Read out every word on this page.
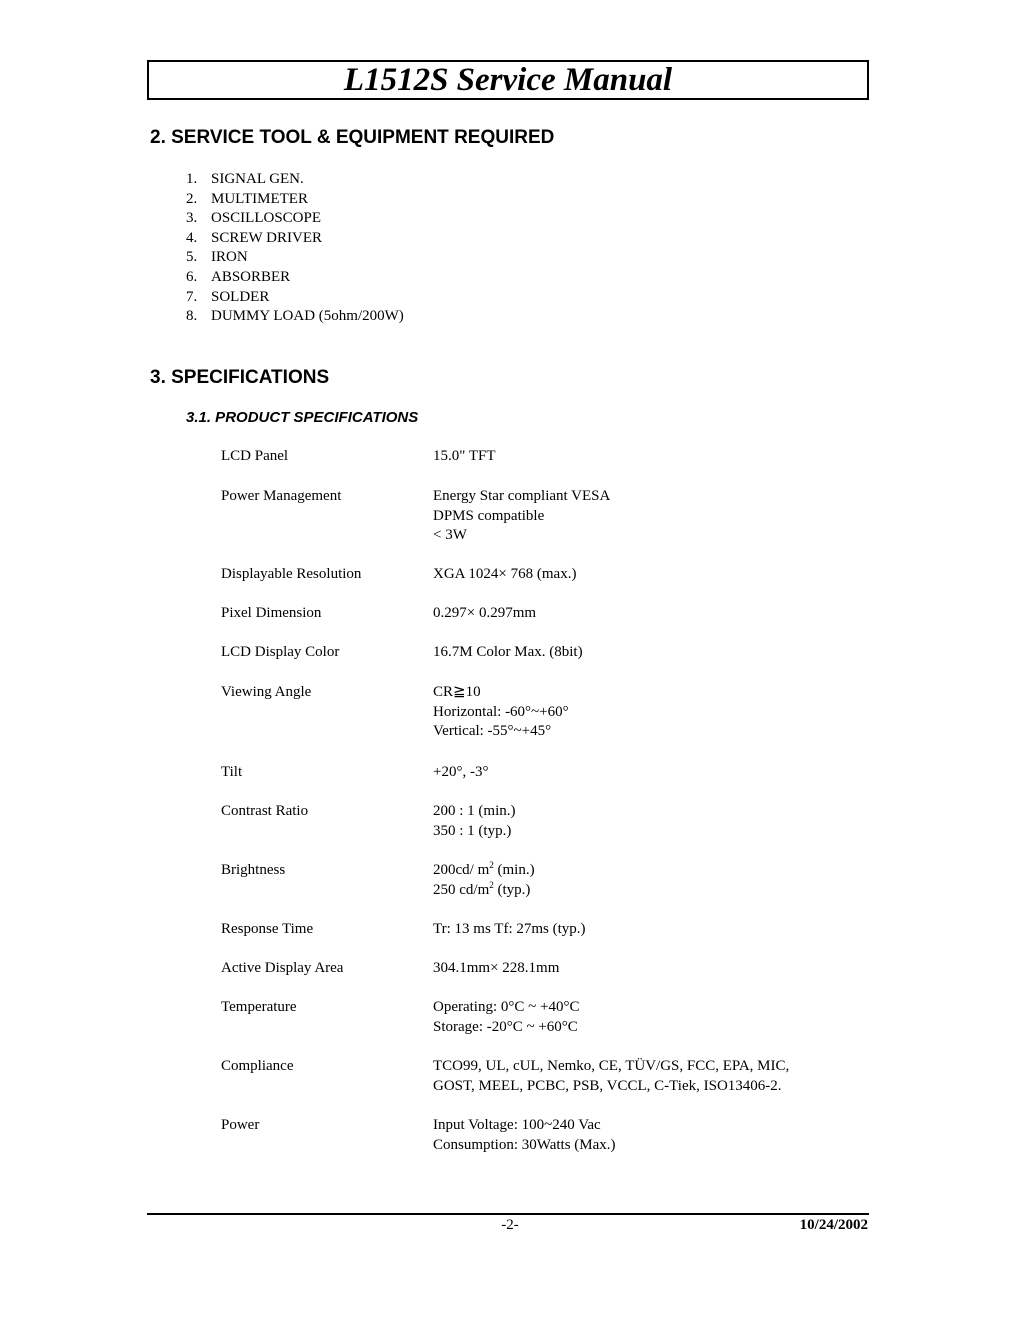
L1512S Service Manual
2. SERVICE TOOL & EQUIPMENT REQUIRED
1. SIGNAL GEN.
2. MULTIMETER
3. OSCILLOSCOPE
4. SCREW DRIVER
5. IRON
6. ABSORBER
7. SOLDER
8. DUMMY LOAD (5ohm/200W)
3. SPECIFICATIONS
3.1. PRODUCT SPECIFICATIONS
LCD Panel	15.0" TFT
Power Management	Energy Star compliant VESA
DPMS compatible
< 3W
Displayable Resolution	XGA 1024× 768 (max.)
Pixel Dimension	0.297× 0.297mm
LCD Display Color	16.7M Color Max. (8bit)
Viewing Angle	CR≧10
Horizontal: -60°~+60°
Vertical: -55°~+45°
Tilt	+20°, -3°
Contrast Ratio	200 : 1 (min.)
350 : 1 (typ.)
Brightness	200cd/ $m^2$ (min.)
250 $cd/m^2$ (typ.)
Response Time	Tr: 13 ms Tf: 27ms (typ.)
Active Display Area	304.1mm× 228.1mm
Temperature	Operating: 0°C ~ +40°C
Storage: -20°C ~ +60°C
Compliance	TCO99, UL, cUL, Nemko, CE, TÜV/GS, FCC, EPA, MIC,
GOST, MEEL, PCBC, PSB, VCCL, C-Tiek, ISO13406-2.
Power	Input Voltage: 100~240 Vac
Consumption: 30Watts (Max.)
-2-	10/24/2002
